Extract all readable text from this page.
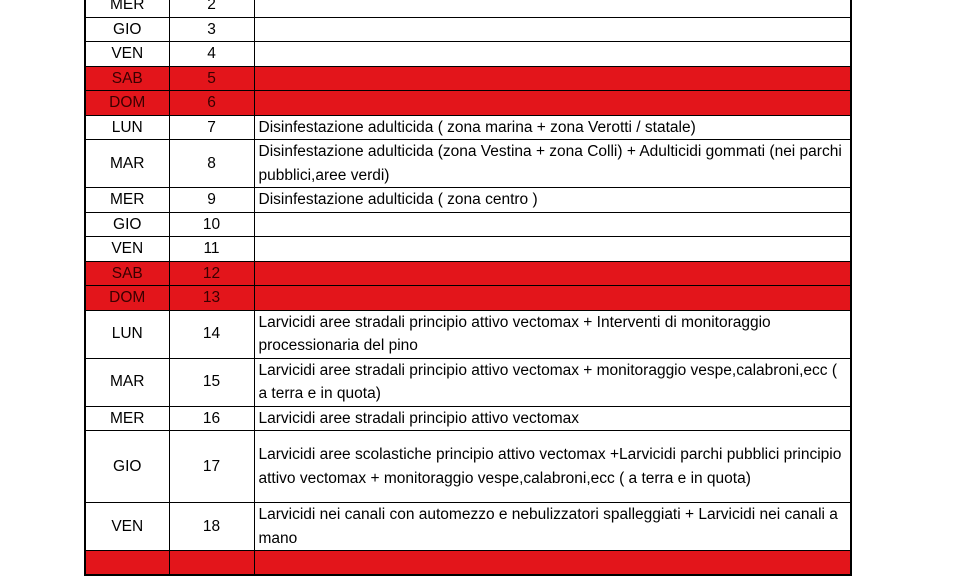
MER	2	
GIO	3	
VEN	4	
SAB	5	
DOM	6	
LUN	7	Disinfestazione adulticida ( zona marina + zona Verotti / statale)
MAR	8	Disinfestazione adulticida (zona Vestina + zona Colli) + Adulticidi gommati (nei parchi pubblici,aree verdi)
MER	9	Disinfestazione adulticida ( zona centro )
GIO	10	
VEN	11	
SAB	12	
DOM	13	
LUN	14	Larvicidi aree stradali principio attivo vectomax + Interventi di monitoraggio processionaria del pino
MAR	15	Larvicidi aree stradali principio attivo vectomax + monitoraggio vespe,calabroni,ecc ( a terra e in quota)
MER	16	Larvicidi aree stradali principio attivo vectomax
GIO	17	Larvicidi aree scolastiche principio attivo vectomax +Larvicidi parchi pubblici principio attivo vectomax + monitoraggio vespe,calabroni,ecc ( a terra e in quota)
VEN	18	Larvicidi nei canali con automezzo e nebulizzatori spalleggiati + Larvicidi nei canali a mano
